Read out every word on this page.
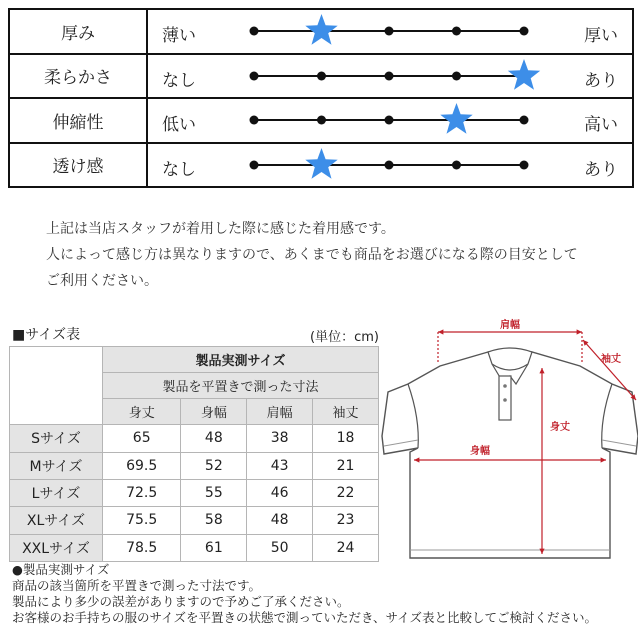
厚み	薄い 厚い

柔らかさ	なし あり

伸縮性	低い 高い

透け感	なし あり

上記は当店スタッフが着用した際に感じた着用感です。

人によって感じ方は異なりますので、あくまでも商品をお選びになる際の目安として

ご利用ください。

■サイズ表	(単位：cm)
	製品実測サイズ			
	製品を平置きで測った寸法			
	身丈	身幅	肩幅	袖丈
Sサイズ	65	48	38	18
Mサイズ	69.5	52	43	21
Lサイズ	72.5	55	46	22
XLサイズ	75.5	58	48	23
XXLサイズ	78.5	61	50	24
肩幅
袖丈
身丈
身幅

●製品実測サイズ

商品の該当箇所を平置きで測った寸法です。

製品により多少の誤差がありますので予めご了承ください。

お客様のお手持ちの服のサイズを平置きの状態で測っていただき、サイズ表と比較してご検討ください。
